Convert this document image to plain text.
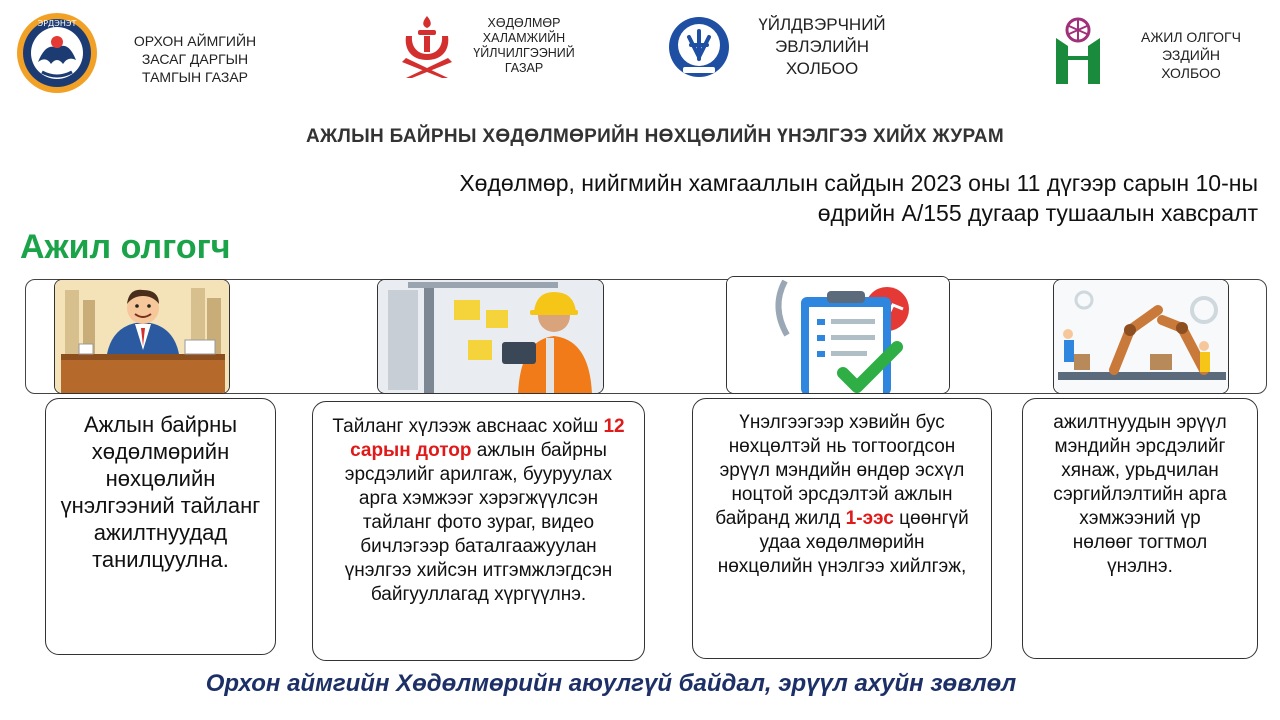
ЭРДЭНЭТ
ОРХОН АЙМГИЙН
ЗАСАГ ДАРГЫН
ТАМГЫН ГАЗАР
ХӨДӨЛМӨР
ХАЛАМЖИЙН
ҮЙЛЧИЛГЭЭНИЙ
ГАЗАР
ҮЙЛДВЭРЧНИЙ
ЭВЛЭЛИЙН
ХОЛБОО
АЖИЛ ОЛГОГЧ
ЭЗДИЙН
ХОЛБОО
АЖЛЫН БАЙРНЫ ХӨДӨЛМӨРИЙН НӨХЦӨЛИЙН ҮНЭЛГЭЭ ХИЙХ ЖУРАМ
Хөдөлмөр, нийгмийн хамгааллын сайдын 2023 оны 11 дүгээр сарын 10-ны
өдрийн А/155 дугаар тушаалын хавсралт
Ажил олгогч
Ажлын байрны хөдөлмөрийн нөхцөлийн үнэлгээний тайланг ажилтнуудад танилцуулна.
Тайланг хүлээж авснаас хойш 12 сарын дотор ажлын байрны эрсдэлийг арилгаж, бууруулах арга хэмжээг хэрэгжүүлсэн тайланг фото зураг, видео бичлэгээр баталгаажуулан үнэлгээ хийсэн итгэмжлэгдсэн байгууллагад хүргүүлнэ.
Үнэлгээгээр хэвийн бус нөхцөлтэй нь тогтоогдсон эрүүл мэндийн өндөр эсхүл ноцтой эрсдэлтэй ажлын байранд жилд 1-ээс цөөнгүй удаа хөдөлмөрийн нөхцөлийн үнэлгээ хийлгэж,
ажилтнуудын эрүүл мэндийн эрсдэлийг хянаж, урьдчилан сэргийлэлтийн арга хэмжээний үр нөлөөг тогтмол үнэлнэ.
Орхон аймгийн Хөдөлмөрийн аюулгүй байдал, эрүүл ахуйн зөвлөл
